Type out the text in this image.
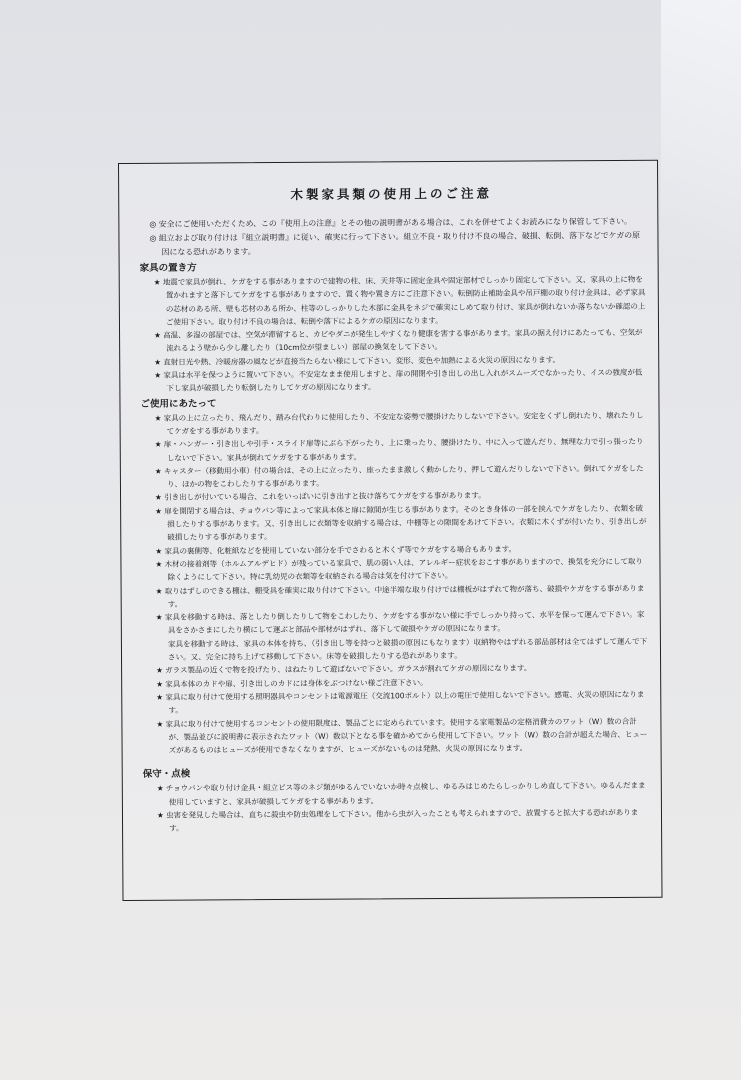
木製家具類の使用上のご注意

◎ 安全にご使用いただくため、この『使用上の注意』とその他の説明書がある場合は、これを併せてよくお読みになり保管して下さい。

◎ 組立および取り付けは『組立説明書』に従い、確実に行って下さい。組立不良・取り付け不良の場合、破損、転倒、落下などでケガの原因になる恐れがあります。

家具の置き方

★ 地震で家具が倒れ、ケガをする事がありますので建物の柱、床、天井等に固定金具や固定部材でしっかり固定して下さい。又、家具の上に物を置かれますと落下してケガをする事がありますので、置く物や置き方にご注意下さい。転倒防止補助金具や吊戸棚の取り付け金具は、必ず家具の芯材のある所、壁も芯材のある所か、柱等のしっかりした木部に金具をネジで確実にしめて取り付け、家具が倒れないか落ちないか確認の上ご使用下さい。取り付け不良の場合は、転倒や落下によるケガの原因になります。

★ 高温、多湿の部屋では、空気が滞留すると、カビやダニが発生しやすくなり健康を害する事があります。家具の据え付けにあたっても、空気が流れるよう壁から少し離したり（10cm位が望ましい）部屋の換気をして下さい。

★ 直射日光や熱、冷暖房器の風などが直接当たらない様にして下さい。変形、変色や加熱による火災の原因になります。

★ 家具は水平を保つように置いて下さい。不安定なまま使用しますと、扉の開閉や引き出しの出し入れがスムーズでなかったり、イスの強度が低下し家具が破損したり転倒したりしてケガの原因になります。

ご使用にあたって

★ 家具の上に立ったり、飛んだり、踏み台代わりに使用したり、不安定な姿勢で腰掛けたりしないで下さい。安定をくずし倒れたり、壊れたりしてケガをする事があります。

★ 扉・ハンガー・引き出しや引手・スライド扉等にぶら下がったり、上に乗ったり、腰掛けたり、中に入って遊んだり、無理な力で引っ張ったりしないで下さい。家具が倒れてケガをする事があります。

★ キャスター（移動用小車）付の場合は、その上に立ったり、座ったまま激しく動かしたり、押して遊んだりしないで下さい。倒れてケガをしたり、ほかの物をこわしたりする事があります。

★ 引き出しが付いている場合、これをいっぱいに引き出すと抜け落ちてケガをする事があります。

★ 扉を開閉する場合は、チョウバン等によって家具本体と扉に隙間が生じる事があります。そのとき身体の一部を挟んでケガをしたり、衣類を破損したりする事があります。又、引き出しに衣類等を収納する場合は、中棚等との隙間をあけて下さい。衣類に木くずが付いたり、引き出しが破損したりする事があります。

★ 家具の裏側等、化粧紙などを使用していない部分を手でさわると木くず等でケガをする場合もあります。

★ 木材の接着剤等（ホルムアルデヒド）が残っている家具で、肌の弱い人は、アレルギー症状をおこす事がありますので、換気を充分にして取り除くようにして下さい。特に乳幼児の衣類等を収納される場合は気を付けて下さい。

★ 取りはずしのできる棚は、棚受具を確実に取り付けて下さい。中途半端な取り付けでは棚板がはずれて物が落ち、破損やケガをする事があります。

★ 家具を移動する時は、落としたり倒したりして物をこわしたり、ケガをする事がない様に手でしっかり持って、水平を保って運んで下さい。家具をさかさまにしたり横にして運ぶと部品や部材がはずれ、落下して破損やケガの原因になります。

家具を移動する時は、家具の本体を持ち、（引き出し等を持つと破損の原因にもなります）収納物やはずれる部品部材は全てはずして運んで下さい。又、完全に持ち上げて移動して下さい。床等を破損したりする恐れがあります。

★ ガラス製品の近くで物を投げたり、はねたりして遊ばないで下さい。ガラスが割れてケガの原因になります。

★ 家具本体のカドや扉、引き出しのカドには身体をぶつけない様ご注意下さい。

★ 家具に取り付けて使用する照明器具やコンセントは電源電圧（交流100ボルト）以上の電圧で使用しないで下さい。感電、火災の原因になります。

★ 家具に取り付けて使用するコンセントの使用限度は、製品ごとに定められています。使用する家電製品の定格消費カのワット（W）数の合計が、製品並びに説明書に表示されたワット（W）数以下となる事を確かめてから使用して下さい。ワット（W）数の合計が超えた場合、ヒューズがあるものはヒューズが使用できなくなりますが、ヒューズがないものは発熱、火災の原因になります。

保守・点検

★ チョウバンや取り付け金具・組立ビス等のネジ類がゆるんでいないか時々点検し、ゆるみはじめたらしっかりしめ直して下さい。ゆるんだまま使用していますと、家具が破損してケガをする事があります。

★ 虫害を発見した場合は、直ちに殺虫や防虫処理をして下さい。他から虫が入ったことも考えられますので、放置すると拡大する恐れがあります。
